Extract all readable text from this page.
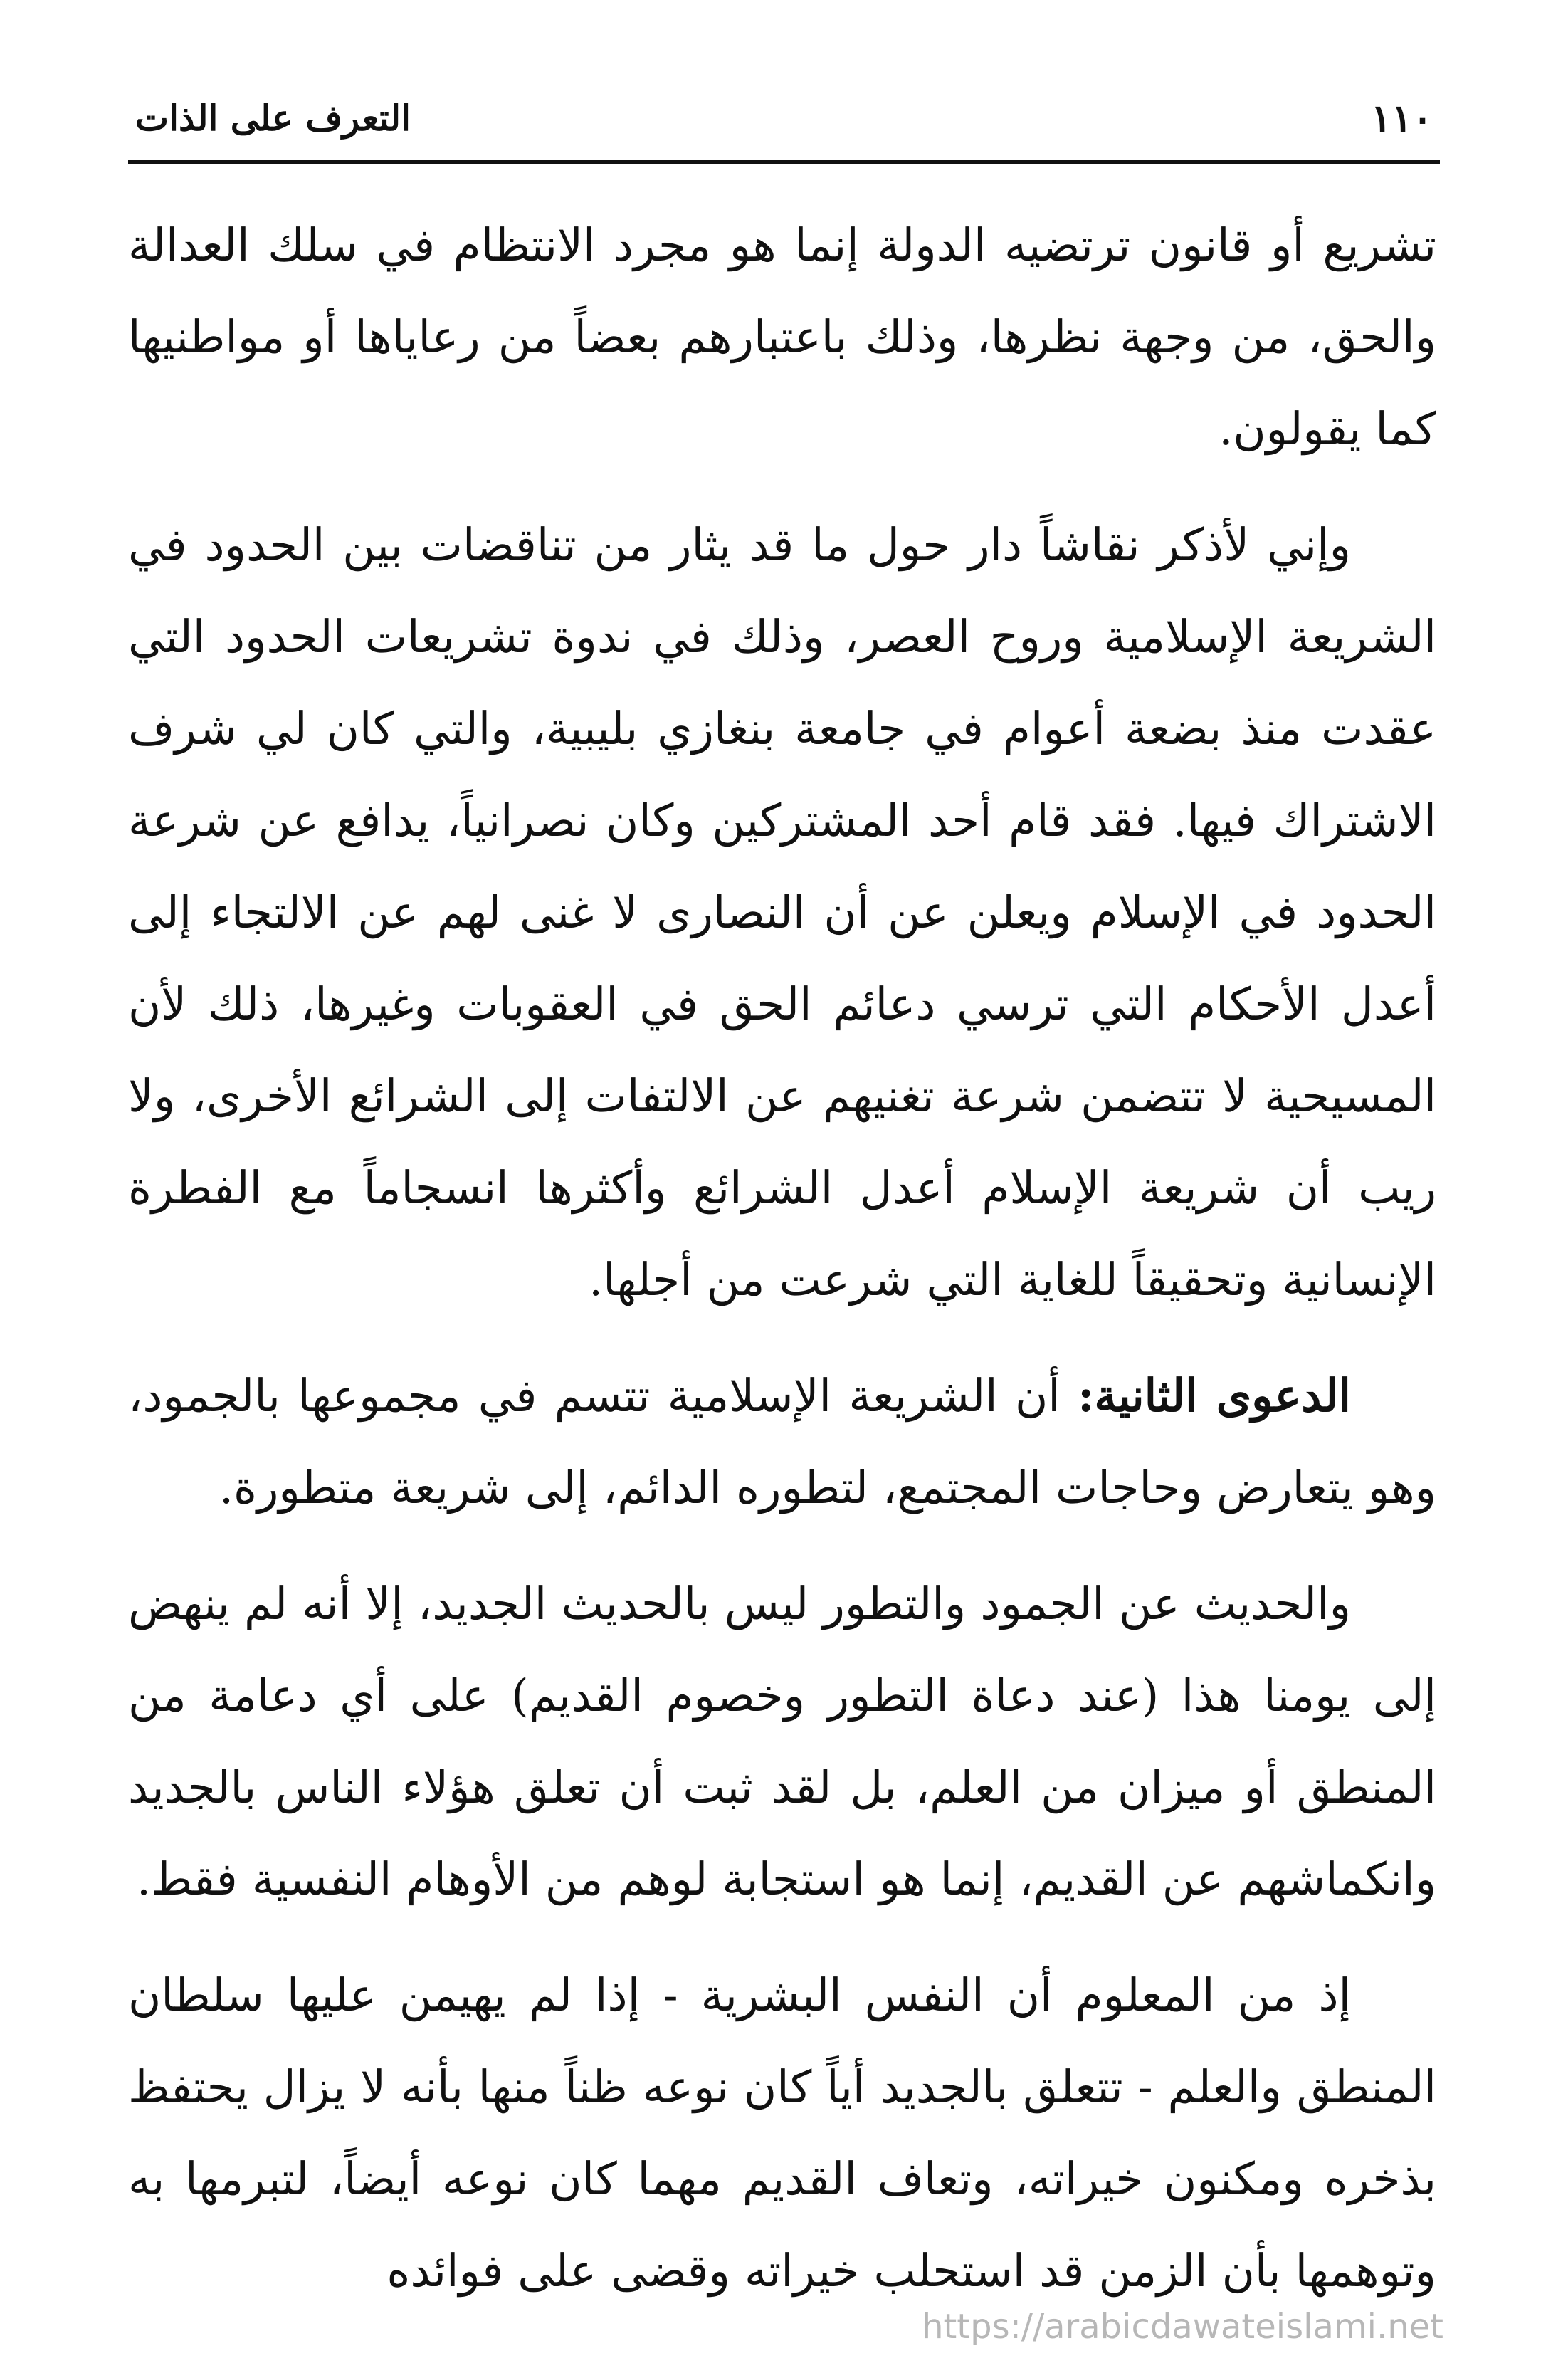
١١٠
التعرف على الذات

تشريع أو قانون ترتضيه الدولة إنما هو مجرد الانتظام في سلك العدالة والحق، من وجهة نظرها، وذلك باعتبارهم بعضاً من رعاياها أو مواطنيها كما يقولون.

وإني لأذكر نقاشاً دار حول ما قد يثار من تناقضات بين الحدود في الشريعة الإسلامية وروح العصر، وذلك في ندوة تشريعات الحدود التي عقدت منذ بضعة أعوام في جامعة بنغازي بليبية، والتي كان لي شرف الاشتراك فيها. فقد قام أحد المشتركين وكان نصرانياً، يدافع عن شرعة الحدود في الإسلام ويعلن عن أن النصارى لا غنى لهم عن الالتجاء إلى أعدل الأحكام التي ترسي دعائم الحق في العقوبات وغيرها، ذلك لأن المسيحية لا تتضمن شرعة تغنيهم عن الالتفات إلى الشرائع الأخرى، ولا ريب أن شريعة الإسلام أعدل الشرائع وأكثرها انسجاماً مع الفطرة الإنسانية وتحقيقاً للغاية التي شرعت من أجلها.

الدعوى الثانية: أن الشريعة الإسلامية تتسم في مجموعها بالجمود، وهو يتعارض وحاجات المجتمع، لتطوره الدائم، إلى شريعة متطورة.

والحديث عن الجمود والتطور ليس بالحديث الجديد، إلا أنه لم ينهض إلى يومنا هذا (عند دعاة التطور وخصوم القديم) على أي دعامة من المنطق أو ميزان من العلم، بل لقد ثبت أن تعلق هؤلاء الناس بالجديد وانكماشهم عن القديم، إنما هو استجابة لوهم من الأوهام النفسية فقط.

إذ من المعلوم أن النفس البشرية - إذا لم يهيمن عليها سلطان المنطق والعلم - تتعلق بالجديد أياً كان نوعه ظناً منها بأنه لا يزال يحتفظ بذخره ومكنون خيراته، وتعاف القديم مهما كان نوعه أيضاً، لتبرمها به وتوهمها بأن الزمن قد استحلب خيراته وقضى على فوائده

https://arabicdawateislami.net
